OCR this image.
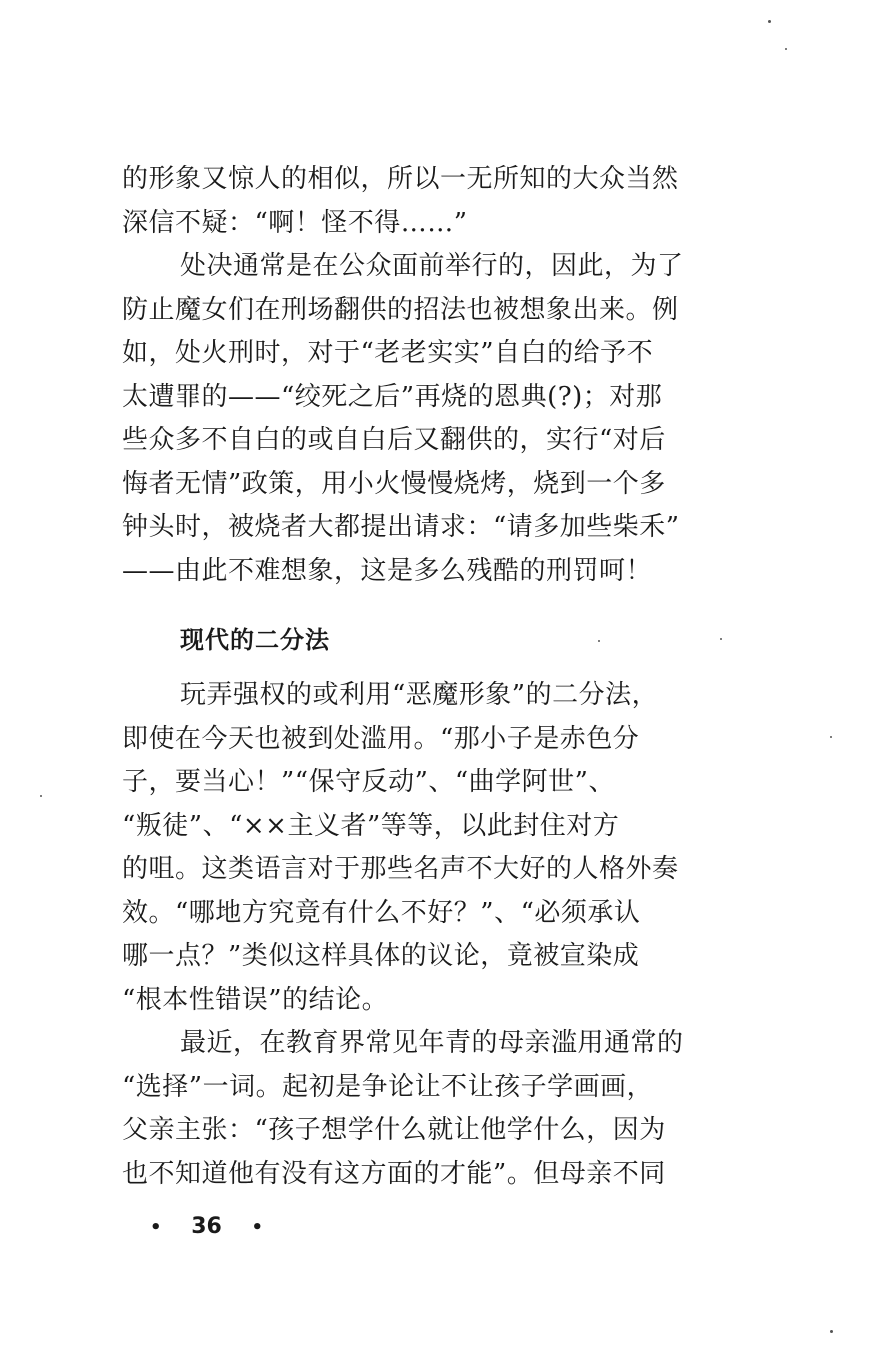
的形象又惊人的相似，所以一无所知的大众当然
深信不疑：“啊！怪不得……”
处决通常是在公众面前举行的，因此，为了
防止魔女们在刑场翻供的招法也被想象出来。例
如，处火刑时，对于“老老实实”自白的给予不
太遭罪的——“绞死之后”再烧的恩典(?)；对那
些众多不自白的或自白后又翻供的，实行“对后
悔者无情”政策，用小火慢慢烧烤，烧到一个多
钟头时，被烧者大都提出请求：“请多加些柴禾”
——由此不难想象，这是多么残酷的刑罚呵！
现代的二分法
玩弄强权的或利用“恶魔形象”的二分法，
即使在今天也被到处滥用。“那小子是赤色分
子，要当心！”“保守反动”、“曲学阿世”、
“叛徒”、“××主义者”等等，以此封住对方
的咀。这类语言对于那些名声不大好的人格外奏
效。“哪地方究竟有什么不好？”、“必须承认
哪一点？”类似这样具体的议论，竟被宣染成
“根本性错误”的结论。
最近，在教育界常见年青的母亲滥用通常的
“选择”一词。起初是争论让不让孩子学画画，
父亲主张：“孩子想学什么就让他学什么，因为
也不知道他有没有这方面的才能”。但母亲不同
• 36 •
